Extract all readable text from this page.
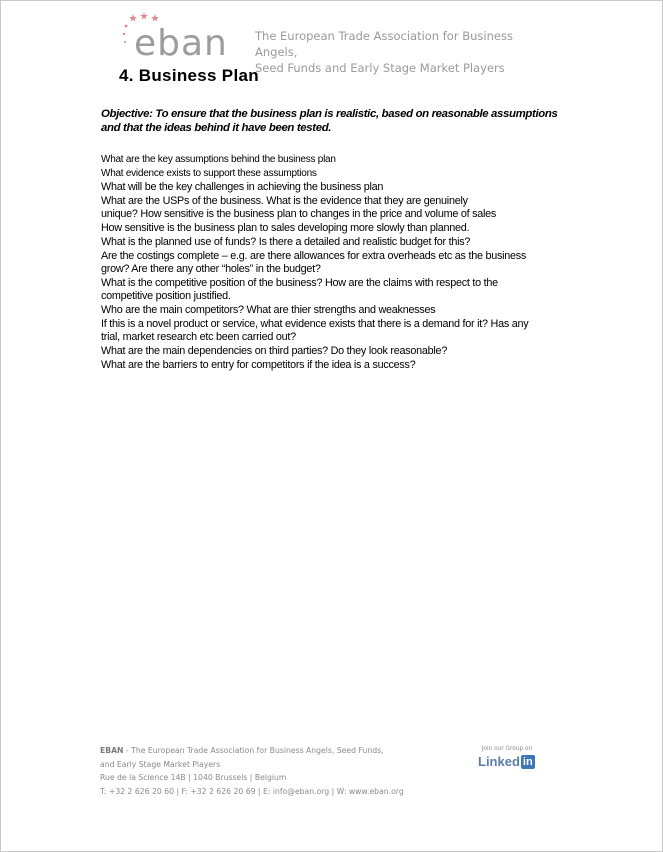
eban The European Trade Association for Business Angels,
Seed Funds and Early Stage Market Players
4. Business Plan
Objective: To ensure that the business plan is realistic, based on reasonable assumptions and that the ideas behind it have been tested.
What are the key assumptions behind the business plan
What evidence exists to support these assumptions
What will be the key challenges in achieving the business plan
What are the USPs of the business. What is the evidence that they are genuinely
unique? How sensitive is the business plan to changes in the price and volume of sales
How sensitive is the business plan to sales developing more slowly than planned.
What is the planned use of funds? Is there a detailed and realistic budget for this?
Are the costings complete – e.g. are there allowances for extra overheads etc as the business
grow? Are there any other “holes” in the budget?
What is the competitive position of the business? How are the claims with respect to the
competitive position justified.
Who are the main competitors? What are thier strengths and weaknesses
If this is a novel product or service, what evidence exists that there is a demand for it? Has any
trial, market research etc been carried out?
What are the main dependencies on third parties? Do they look reasonable?
What are the barriers to entry for competitors if the idea is a success?
EBAN - The European Trade Association for Business Angels, Seed Funds,
and Early Stage Market Players
Rue de la Science 14B | 1040 Brussels | Belgium
T: +32 2 626 20 60 | F: +32 2 626 20 69 | E: info@eban.org | W: www.eban.org
Join our Group on
Linked in
